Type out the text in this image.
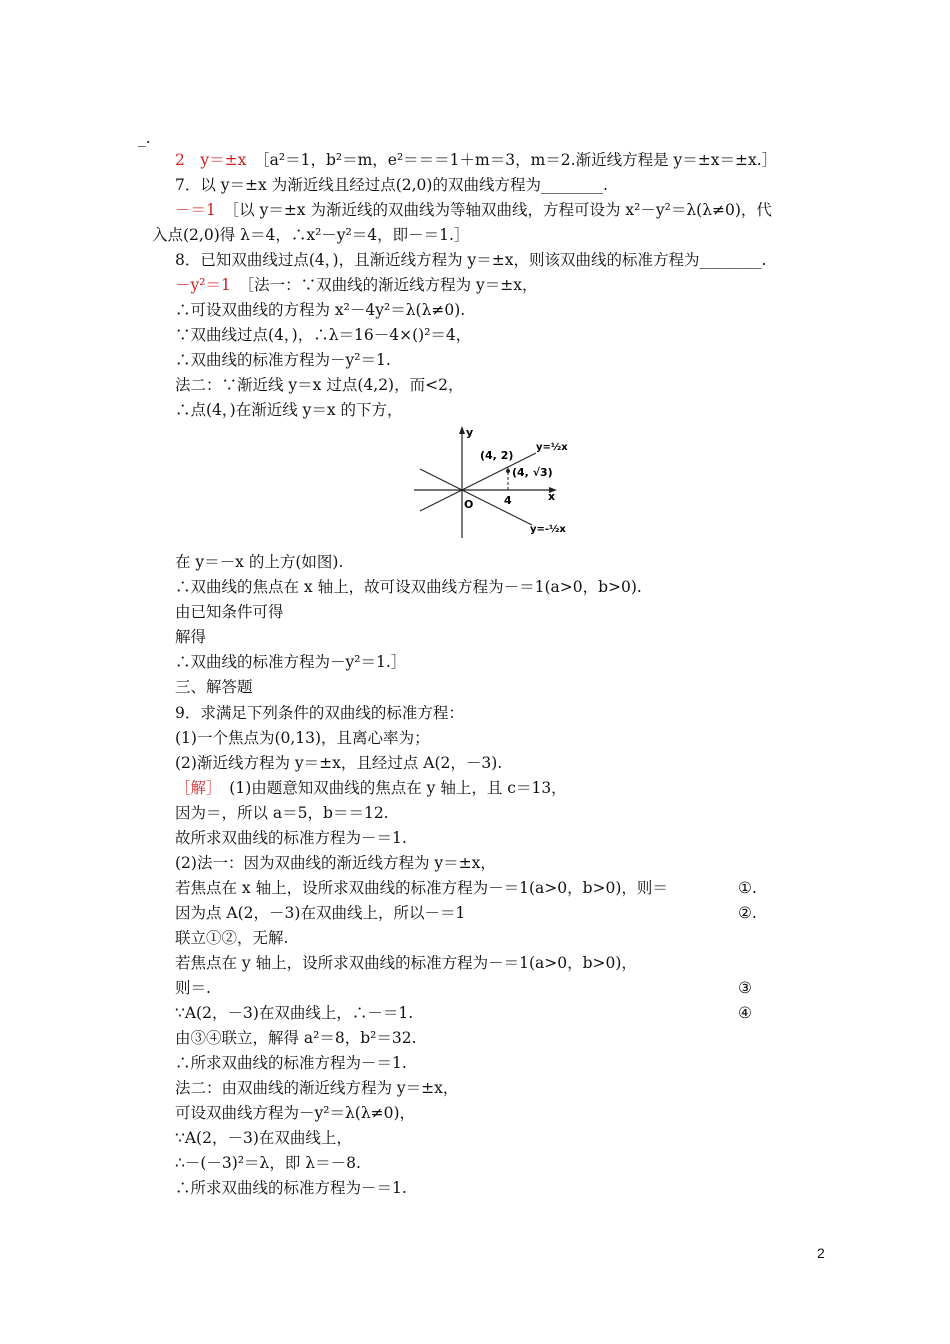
_.
2　y＝±x　 ［a²＝1，b²＝m，e²＝＝＝1＋m＝3，m＝2.渐近线方程是 y＝±x＝±x.］
7．以 y＝±x 为渐近线且经过点(2,0)的双曲线方程为________.
－＝1　 ［以 y＝±x 为渐近线的双曲线为等轴双曲线，方程可设为 x²－y²＝λ(λ≠0)，代
入点(2,0)得 λ＝4，∴x²－y²＝4，即－＝1.］
8．已知双曲线过点(4，)，且渐近线方程为 y＝±x，则该双曲线的标准方程为________.
－y²＝1　 ［法一：∵双曲线的渐近线方程为 y＝±x，
∴可设双曲线的方程为 x²－4y²＝λ(λ≠0).
∵双曲线过点(4，)，∴λ＝16－4×()²＝4，
∴双曲线的标准方程为－y²＝1.
法二：∵渐近线 y＝x 过点(4,2)，而<2，
∴点(4，)在渐近线 y＝x 的下方，
y
x
O
(4, 2)
(4, √3)
4
y=½x
y=-½x
在 y＝－x 的上方(如图).
∴双曲线的焦点在 x 轴上，故可设双曲线方程为－＝1(a>0，b>0).
由已知条件可得
解得
∴双曲线的标准方程为－y²＝1.］
三、解答题
9．求满足下列条件的双曲线的标准方程：
(1)一个焦点为(0,13)，且离心率为；
(2)渐近线方程为 y＝±x，且经过点 A(2，－3).
［解］　 (1)由题意知双曲线的焦点在 y 轴上，且 c＝13，
因为＝，所以 a＝5，b＝＝12.
故所求双曲线的标准方程为－＝1.
(2)法一：因为双曲线的渐近线方程为 y＝±x，
若焦点在 x 轴上，设所求双曲线的标准方程为－＝1(a>0，b>0)，则＝	①.
因为点 A(2，－3)在双曲线上，所以－＝1	②.
联立①②，无解.
若焦点在 y 轴上，设所求双曲线的标准方程为－＝1(a>0，b>0)，
则＝.	③
∵A(2，－3)在双曲线上，∴－＝1.	④
由③④联立，解得 a²＝8，b²＝32.
∴所求双曲线的标准方程为－＝1.
法二：由双曲线的渐近线方程为 y＝±x，
可设双曲线方程为－y²＝λ(λ≠0)，
∵A(2，－3)在双曲线上，
∴－(－3)²＝λ，即 λ＝－8.
∴所求双曲线的标准方程为－＝1.
2
